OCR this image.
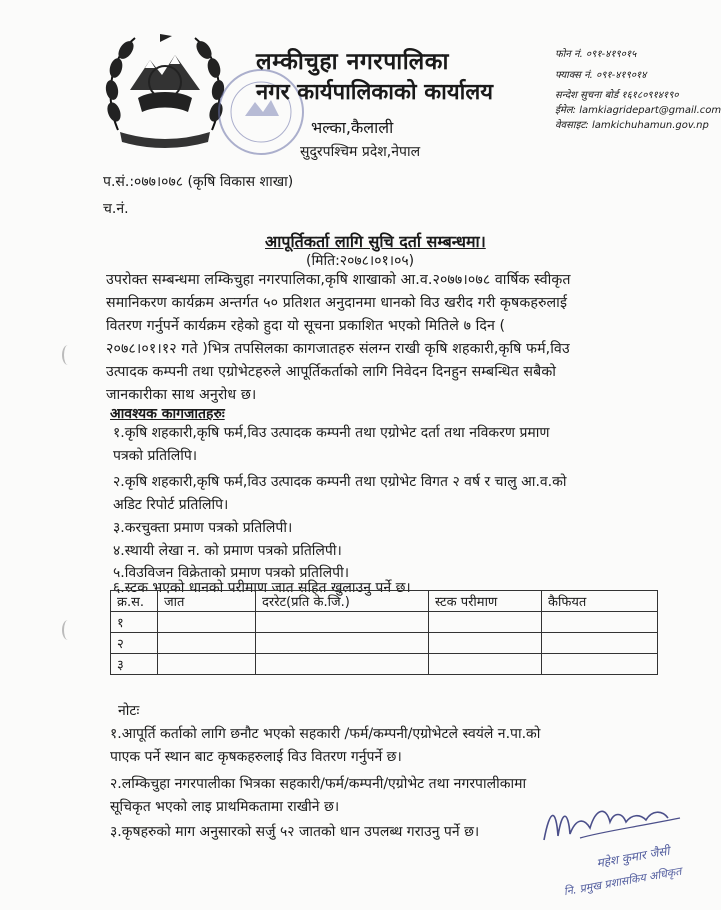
लम्कीचुहा नगरपालिका
नगर कार्यपालिकाको कार्यालय
भल्का,कैलाली
सुदुरपश्चिम प्रदेश,नेपाल
फोन नं. ०९१-४१९०१५
फ्याक्स नं. ०९१-४१९०१४
सन्देश सुचना बोर्ड १६१८०९१४१९०
ईमेल: lamkiagridepart@gmail.com
वेवसाइट: lamkichuhamun.gov.np
प.सं.:०७७।०७८ (कृषि विकास शाखा)
च.नं.
आपूर्तिकर्ता लागि सुचि दर्ता सम्बन्धमा।
(मिति:२०७८।०१।०५)
उपरोक्त सम्बन्धमा लम्किचुहा नगरपालिका,कृषि शाखाको आ.व.२०७७।०७८ वार्षिक स्वीकृत
समानिकरण कार्यक्रम अन्तर्गत ५० प्रतिशत अनुदानमा धानको विउ खरीद गरी कृषकहरुलाई
वितरण गर्नुपर्ने कार्यक्रम रहेको हुदा यो सूचना प्रकाशित भएको मितिले ७ दिन (
२०७८।०१।१२ गते )भित्र तपसिलका कागजातहरु संलग्न राखी कृषि शहकारी,कृषि फर्म,विउ
उत्पादक कम्पनी तथा एग्रोभेटहरुले आपूर्तिकर्ताको लागि निवेदन दिनहुन सम्बन्धित सबैको
जानकारीका साथ अनुरोध छ।
आवश्यक कागजातहरुः
१.कृषि शहकारी,कृषि फर्म,विउ उत्पादक कम्पनी तथा एग्रोभेट दर्ता तथा नविकरण प्रमाण
पत्रको प्रतिलिपि।
२.कृषि शहकारी,कृषि फर्म,विउ उत्पादक कम्पनी तथा एग्रोभेट विगत २ वर्ष र चालु आ.व.को
अडिट रिपोर्ट प्रतिलिपि।
३.करचुक्ता प्रमाण पत्रको प्रतिलिपी।
४.स्थायी लेखा न. को प्रमाण पत्रको प्रतिलिपी।
५.विउविजन विक्रेताको प्रमाण पत्रको प्रतिलिपी।
६.स्टक भएको धानको परीमाण जात सहित खुलाउनु पर्ने छ।
क्र.स.	जात	दररेट(प्रति के.जि.)	स्टक परीमाण	कैफियत
१				
२				
३				
नोटः
१.आपूर्ति कर्ताको लागि छनौट भएको सहकारी /फर्म/कम्पनी/एग्रोभेटले स्वयंले न.पा.को
पाएक पर्ने स्थान बाट कृषकहरुलाई विउ वितरण गर्नुपर्ने छ।
२.लम्किचुहा नगरपालीका भित्रका सहकारी/फर्म/कम्पनी/एग्रोभेट तथा नगरपालीकामा
सूचिकृत भएको लाइ प्राथमिकतामा राखीने छ।
३.कृषहरुको माग अनुसारको सर्जु ५२ जातको धान उपलब्ध गराउनु पर्ने छ।
महेश कुमार जैसी
नि. प्रमुख प्रशासकिय अधिकृत
